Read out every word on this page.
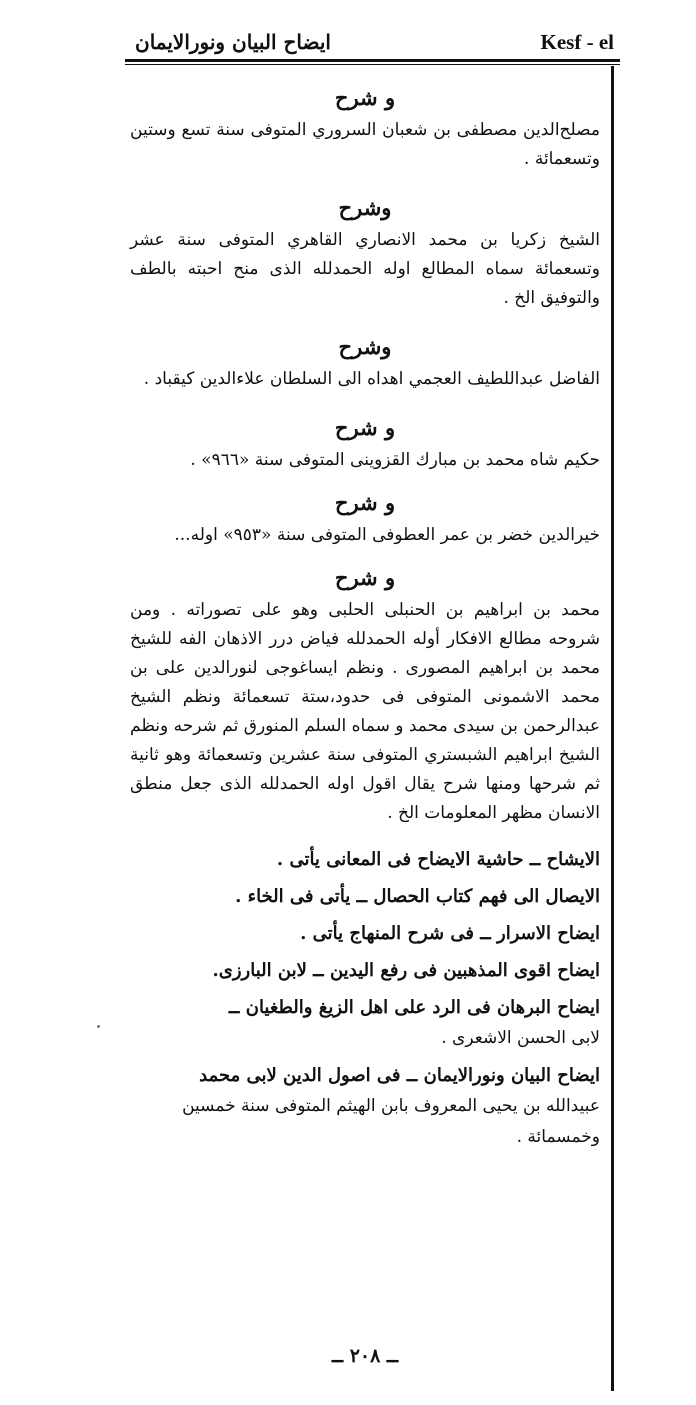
ايضاح البيان ونورالايمان	Kesf - el
و شرح

مصلح‌الدين مصطفى بن شعبان السروري المتوفى سنة تسع وستين وتسعمائة .

وشرح

الشيخ زكريا بن محمد الانصاري القاهري المتوفى سنة عشر وتسعمائة سماه المطالع اوله الحمدلله الذى منح احبته بالطف والتوفيق الخ .

وشرح

الفاضل عبداللطيف العجمي اهداه الى السلطان علاءالدين كيقباد .

و شرح

حكيم شاه محمد بن مبارك القزوينى المتوفى سنة «٩٦٦» .

و شرح

خيرالدين خضر بن عمر العطوفى المتوفى سنة «٩٥٣» اوله...

و شرح

محمد بن ابراهيم بن الحنبلى الحلبى وهو على تصوراته . ومن شروحه مطالع الافكار أوله الحمدلله فياض درر الاذهان الفه للشيخ محمد بن ابراهيم المصورى . ونظم ايساغوجى لنورالدين على بن محمد الاشمونى المتوفى فى حدود،ستة تسعمائة ونظم الشيخ عبدالرحمن بن سيدى محمد و سماه السلم المنورق ثم شرحه ونظم الشيخ ابراهيم الشبستري المتوفى سنة عشرين وتسعمائة وهو ثانية ثم شرحها ومنها شرح يقال اقول اوله الحمدلله الذى جعل منطق الانسان مظهر المعلومات الخ .

الايشاح ــ حاشية الايضاح فى المعانى يأتى .

الايصال الى فهم كتاب الحصال ــ يأتى فى الخاء .

ايضاح الاسرار ــ فى شرح المنهاج يأتى .

ايضاح اقوى المذهبين فى رفع اليدين ــ لابن البارزى.

ايضاح البرهان فى الرد على اهل الزيغ والطغيان ــ
لابى الحسن الاشعرى .

ايضاح البيان ونورالايمان ــ فى اصول الدين لابى محمد
عبيدالله بن يحيى المعروف بابن الهيثم المتوفى سنة خمسين وخمسمائة .

ــ ٢٠٨ ــ
